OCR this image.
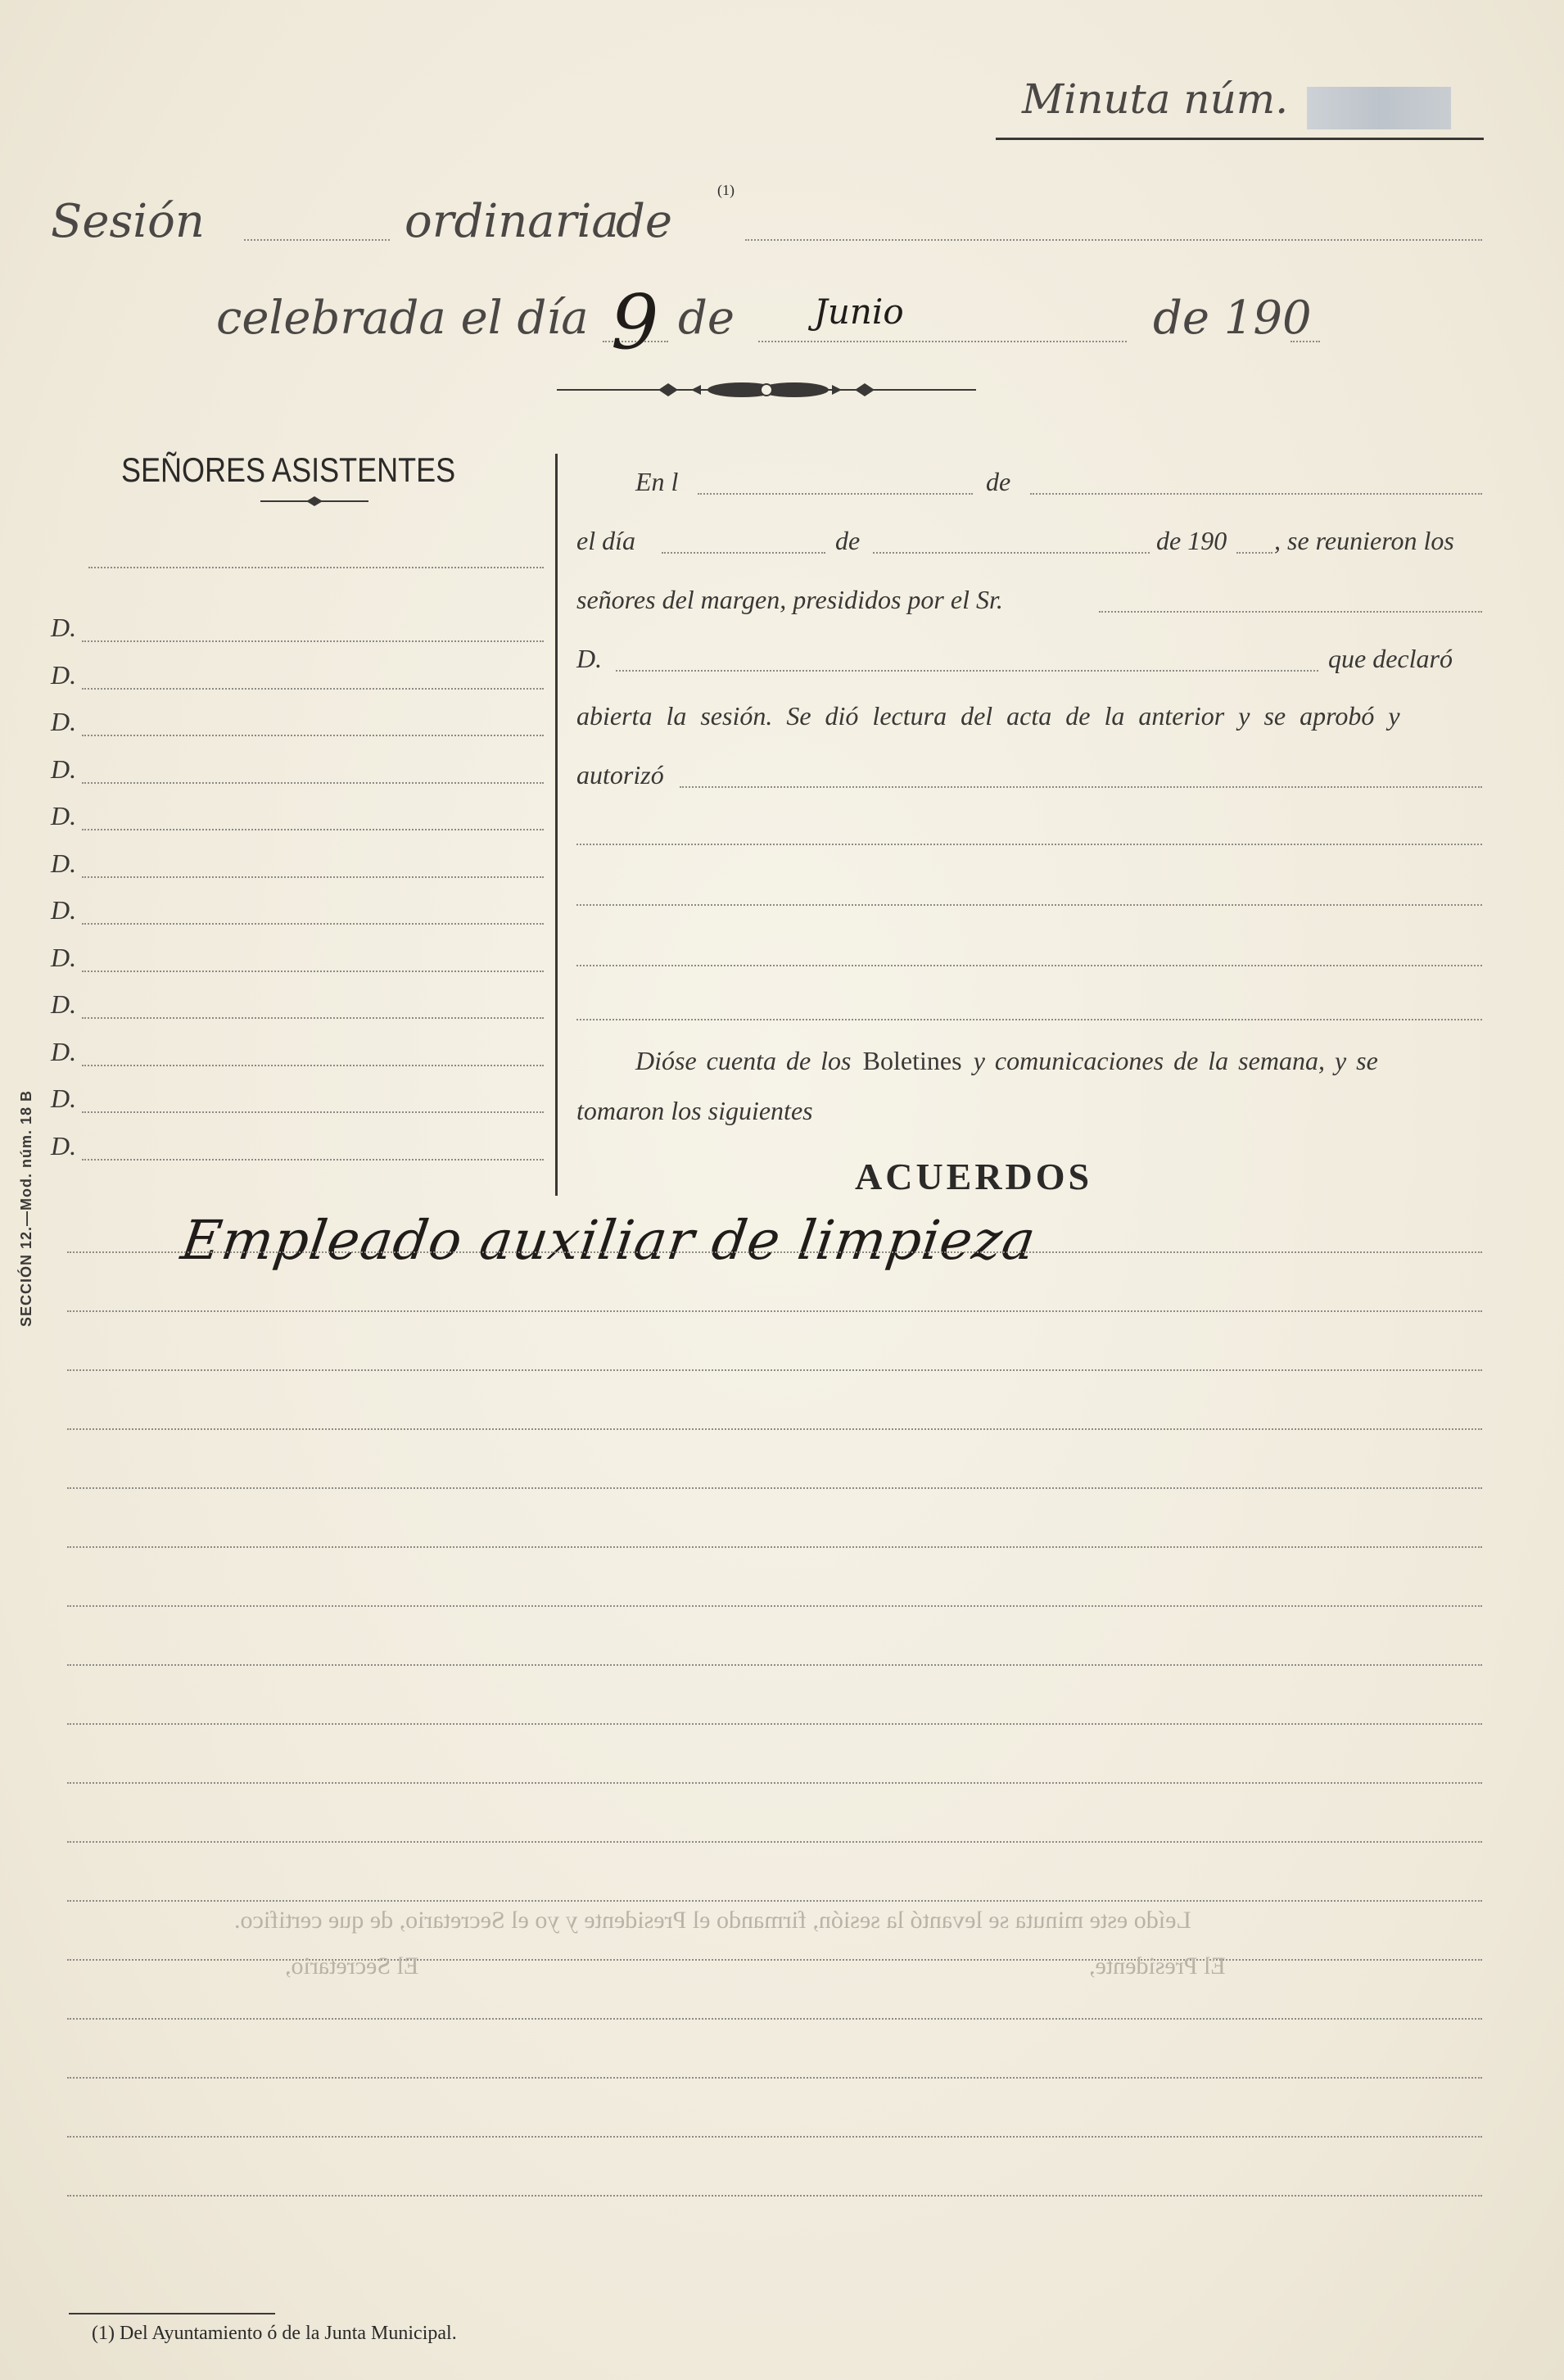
Minuta núm.
Sesión	ordinaria
de
(1)
celebrada el día 9 de Junio	de 190
SEÑORES ASISTENTES
D.
D.
D.
D.
D.
D.
D.
D.
D.
D.
D.
D.
En l	de
el día	de	de 190 , se reunieron los
señores del margen, presididos por el Sr.
D.	que declaró
abierta la sesión. Se dió lectura del acta de la anterior y se aprobó y
autorizó
Dióse cuenta de los Boletines y comunicaciones de la semana, y se
tomaron los siguientes
ACUERDOS
Empleado auxiliar de limpieza
Leído este minuta se levantó la sesión, firmando el Presidente y yo el Secretario, de que certifico.
El Presidente,
El Secretario,
SECCIÓN 12.—Mod. núm. 18 B
(1) Del Ayuntamiento ó de la Junta Municipal.
